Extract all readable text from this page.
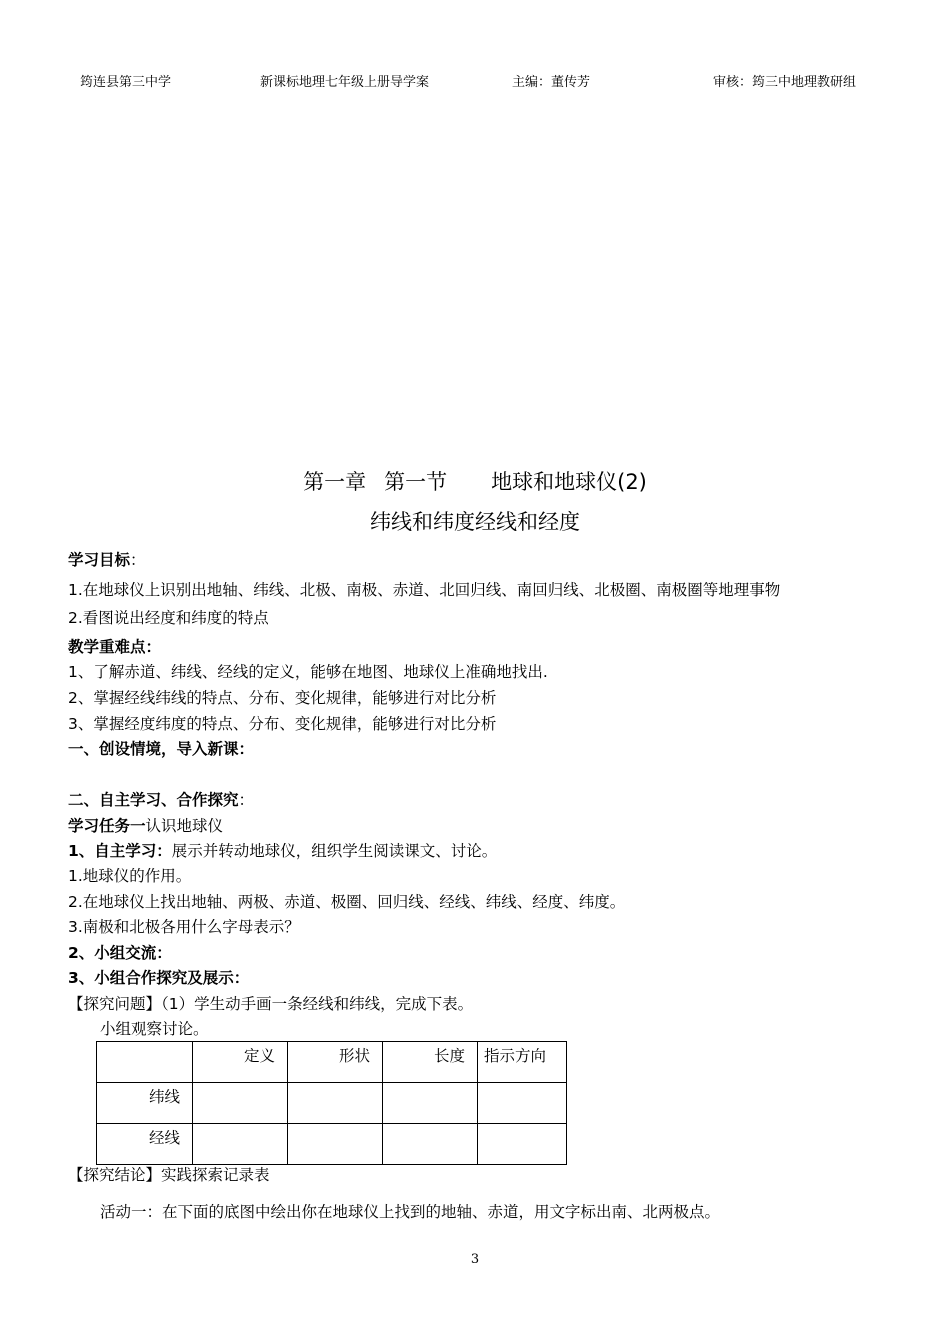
筠连县第三中学	新课标地理七年级上册导学案	主编：董传芳	审核：筠三中地理教研组
第一章 第一节 地球和地球仪(2)
纬线和纬度经线和经度
学习目标：
1.在地球仪上识别出地轴、纬线、北极、南极、赤道、北回归线、南回归线、北极圈、南极圈等地理事物
2.看图说出经度和纬度的特点
教学重难点：
1、了解赤道、纬线、经线的定义，能够在地图、地球仪上准确地找出.
2、掌握经线纬线的特点、分布、变化规律，能够进行对比分析
3、掌握经度纬度的特点、分布、变化规律，能够进行对比分析
一、创设情境，导入新课：
二、自主学习、合作探究：
学习任务一认识地球仪
1、自主学习：展示并转动地球仪，组织学生阅读课文、讨论。
1.地球仪的作用。
2.在地球仪上找出地轴、两极、赤道、极圈、回归线、经线、纬线、经度、纬度。
3.南极和北极各用什么字母表示？
2、小组交流：
3、小组合作探究及展示：
【探究问题】（1）学生动手画一条经线和纬线，完成下表。
小组观察讨论。
	定义	形状	长度	指示方向
纬线				
经线				
【探究结论】实践探索记录表
活动一：在下面的底图中绘出你在地球仪上找到的地轴、赤道，用文字标出南、北两极点。
3
